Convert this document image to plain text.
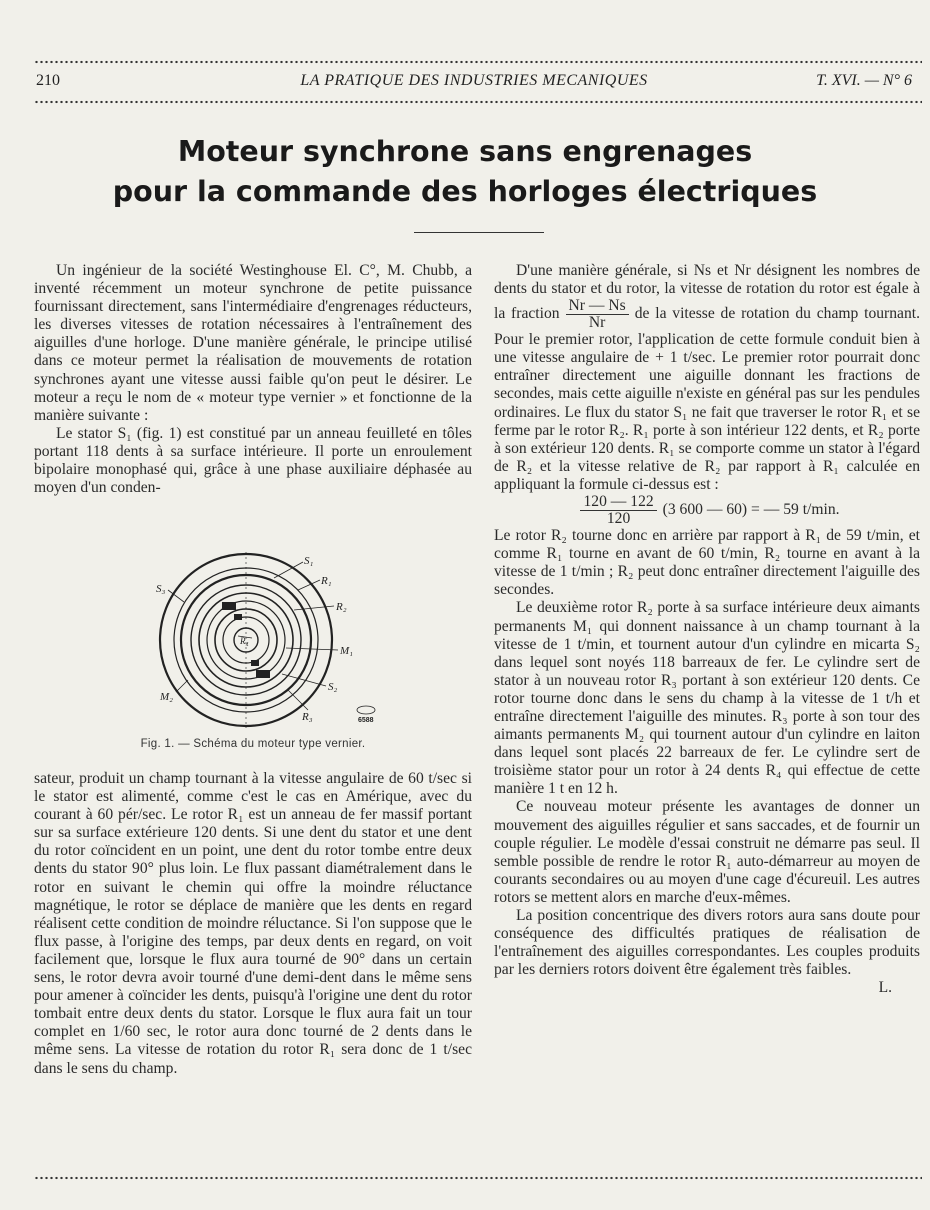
210	LA PRATIQUE DES INDUSTRIES MECANIQUES	T. XVI. — N° 6
Moteur synchrone sans engrenages
pour la commande des horloges électriques

Un ingénieur de la société Westinghouse El. C°, M. Chubb, a inventé récemment un moteur synchrone de petite puissance fournissant directement, sans l'intermédiaire d'engrenages réducteurs, les diverses vitesses de rotation nécessaires à l'entraînement des aiguilles d'une horloge. D'une manière générale, le principe utilisé dans ce moteur permet la réalisation de mouvements de rotation synchrones ayant une vitesse aussi faible qu'on peut le désirer. Le moteur a reçu le nom de « moteur type vernier » et fonctionne de la manière suivante :

Le stator S₁ (fig. 1) est constitué par un anneau feuilleté en tôles portant 118 dents à sa surface intérieure. Il porte un enroulement bipolaire monophasé qui, grâce à une phase auxiliaire déphasée au moyen d'un conden-

S₁
R₁
S₃
R₂
R₄
M₁
M₂
S₂
R₃	6588
Fig. 1. — Schéma du moteur type vernier.

sateur, produit un champ tournant à la vitesse angulaire de 60 t/sec si le stator est alimenté, comme c'est le cas en Amérique, avec du courant à 60 pér/sec. Le rotor R₁ est un anneau de fer massif portant sur sa surface extérieure 120 dents. Si une dent du stator et une dent du rotor coïncident en un point, une dent du rotor tombe entre deux dents du stator 90° plus loin. Le flux passant diamétralement dans le rotor en suivant le chemin qui offre la moindre réluctance magnétique, le rotor se déplace de manière que les dents en regard réalisent cette condition de moindre réluctance. Si l'on suppose que le flux passe, à l'origine des temps, par deux dents en regard, on voit facilement que, lorsque le flux aura tourné de 90° dans un certain sens, le rotor devra avoir tourné d'une demi-dent dans le même sens pour amener à coïncider les dents, puisqu'à l'origine une dent du rotor tombait entre deux dents du stator. Lorsque le flux aura fait un tour complet en 1/60 sec, le rotor aura donc tourné de 2 dents dans le même sens. La vitesse de rotation du rotor R₁ sera donc de 1 t/sec dans le sens du champ.

D'une manière générale, si Ns et Nr désignent les nombres de dents du stator et du rotor, la vitesse de rotation du rotor est égale à la fraction $\frac{Nr — Ns}{Nr}$ de la vitesse de rotation du champ tournant. Pour le premier rotor, l'application de cette formule conduit bien à une vitesse angulaire de + 1 t/sec. Le premier rotor pourrait donc entraîner directement une aiguille donnant les fractions de secondes, mais cette aiguille n'existe en général pas sur les pendules ordinaires. Le flux du stator S₁ ne fait que traverser le rotor R₁ et se ferme par le rotor R₂. R₁ porte à son intérieur 122 dents, et R₂ porte à son extérieur 120 dents. R₁ se comporte comme un stator à l'égard de R₂ et la vitesse relative de R₂ par rapport à R₁ calculée en appliquant la formule ci-dessus est :

$\frac{120 — 122}{120} (3$ 600 — 60) = — 59 t/min.

Le rotor R₂ tourne donc en arrière par rapport à R₁ de 59 t/min, et comme R₁ tourne en avant de 60 t/min, R₂ tourne en avant à la vitesse de 1 t/min ; R₂ peut donc entraîner directement l'aiguille des secondes.

Le deuxième rotor R₂ porte à sa surface intérieure deux aimants permanents M₁ qui donnent naissance à un champ tournant à la vitesse de 1 t/min, et tournent autour d'un cylindre en micarta S₂ dans lequel sont noyés 118 barreaux de fer. Le cylindre sert de stator à un nouveau rotor R₃ portant à son extérieur 120 dents. Ce rotor tourne donc dans le sens du champ à la vitesse de 1 t/h et entraîne directement l'aiguille des minutes. R₃ porte à son tour des aimants permanents M₂ qui tournent autour d'un cylindre en laiton dans lequel sont placés 22 barreaux de fer. Le cylindre sert de troisième stator pour un rotor à 24 dents R₄ qui effectue de cette manière 1 t en 12 h.

Ce nouveau moteur présente les avantages de donner un mouvement des aiguilles régulier et sans saccades, et de fournir un couple régulier. Le modèle d'essai construit ne démarre pas seul. Il semble possible de rendre le rotor R₁ auto-démarreur au moyen de courants secondaires ou au moyen d'une cage d'écureuil. Les autres rotors se mettent alors en marche d'eux-mêmes.

La position concentrique des divers rotors aura sans doute pour conséquence des difficultés pratiques de réalisation de l'entraînement des aiguilles correspondantes. Les couples produits par les derniers rotors doivent être également très faibles.

L.
